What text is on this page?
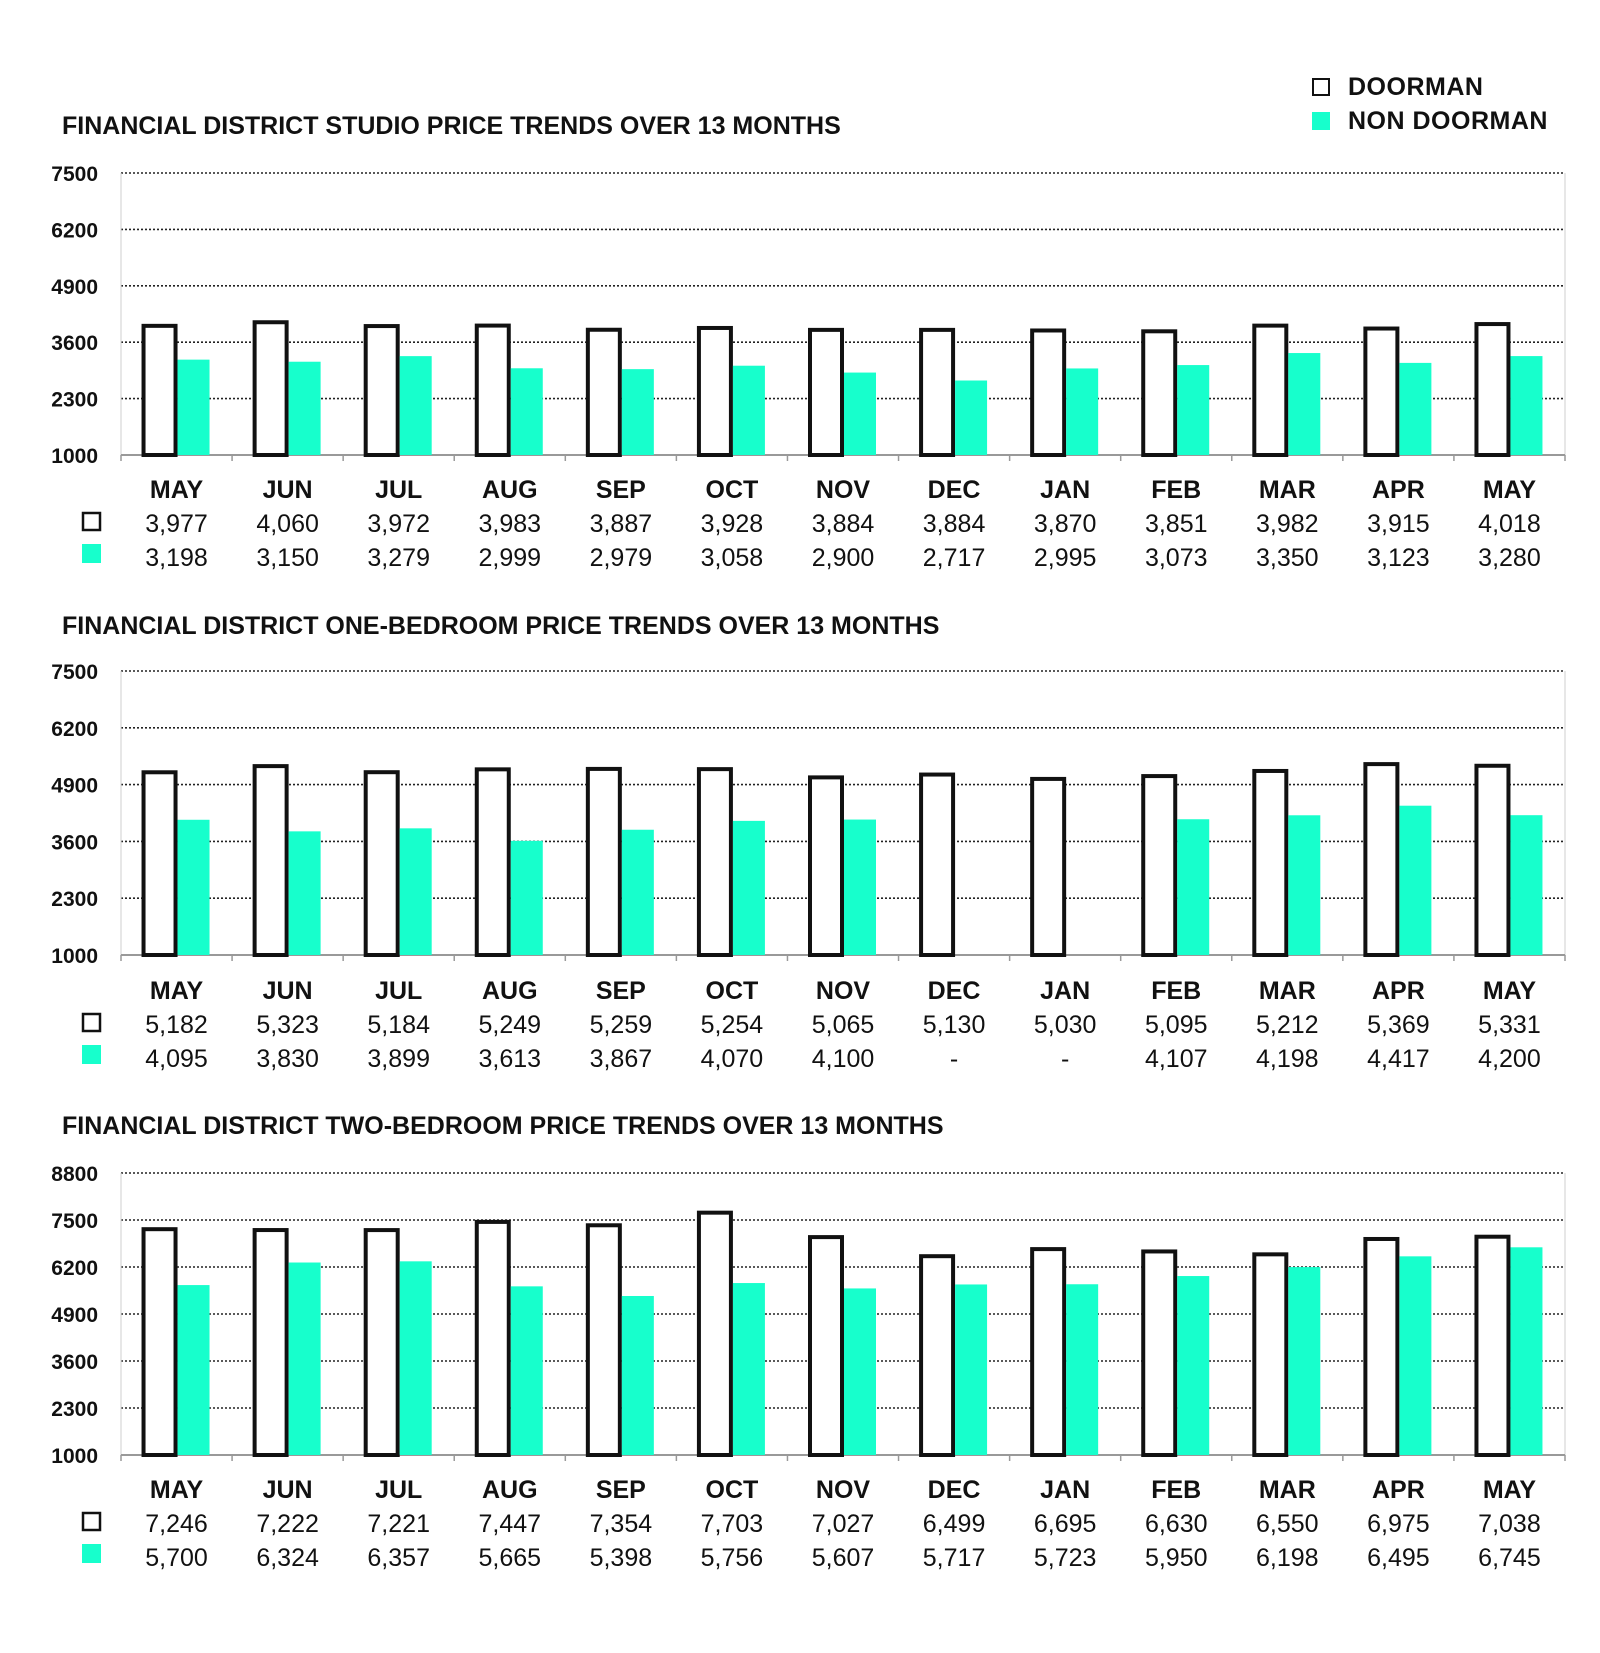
DOORMAN
NON DOORMAN
FINANCIAL DISTRICT STUDIO PRICE TRENDS OVER 13 MONTHS
1000
2300
3600
4900
6200
7500
MAY
3,977
3,198
JUN
4,060
3,150
JUL
3,972
3,279
AUG
3,983
2,999
SEP
3,887
2,979
OCT
3,928
3,058
NOV
3,884
2,900
DEC
3,884
2,717
JAN
3,870
2,995
FEB
3,851
3,073
MAR
3,982
3,350
APR
3,915
3,123
MAY
4,018
3,280
FINANCIAL DISTRICT ONE-BEDROOM PRICE TRENDS OVER 13 MONTHS
1000
2300
3600
4900
6200
7500
MAY
5,182
4,095
JUN
5,323
3,830
JUL
5,184
3,899
AUG
5,249
3,613
SEP
5,259
3,867
OCT
5,254
4,070
NOV
5,065
4,100
DEC
5,130
-
JAN
5,030
-
FEB
5,095
4,107
MAR
5,212
4,198
APR
5,369
4,417
MAY
5,331
4,200
FINANCIAL DISTRICT TWO-BEDROOM PRICE TRENDS OVER 13 MONTHS
1000
2300
3600
4900
6200
7500
8800
MAY
7,246
5,700
JUN
7,222
6,324
JUL
7,221
6,357
AUG
7,447
5,665
SEP
7,354
5,398
OCT
7,703
5,756
NOV
7,027
5,607
DEC
6,499
5,717
JAN
6,695
5,723
FEB
6,630
5,950
MAR
6,550
6,198
APR
6,975
6,495
MAY
7,038
6,745
